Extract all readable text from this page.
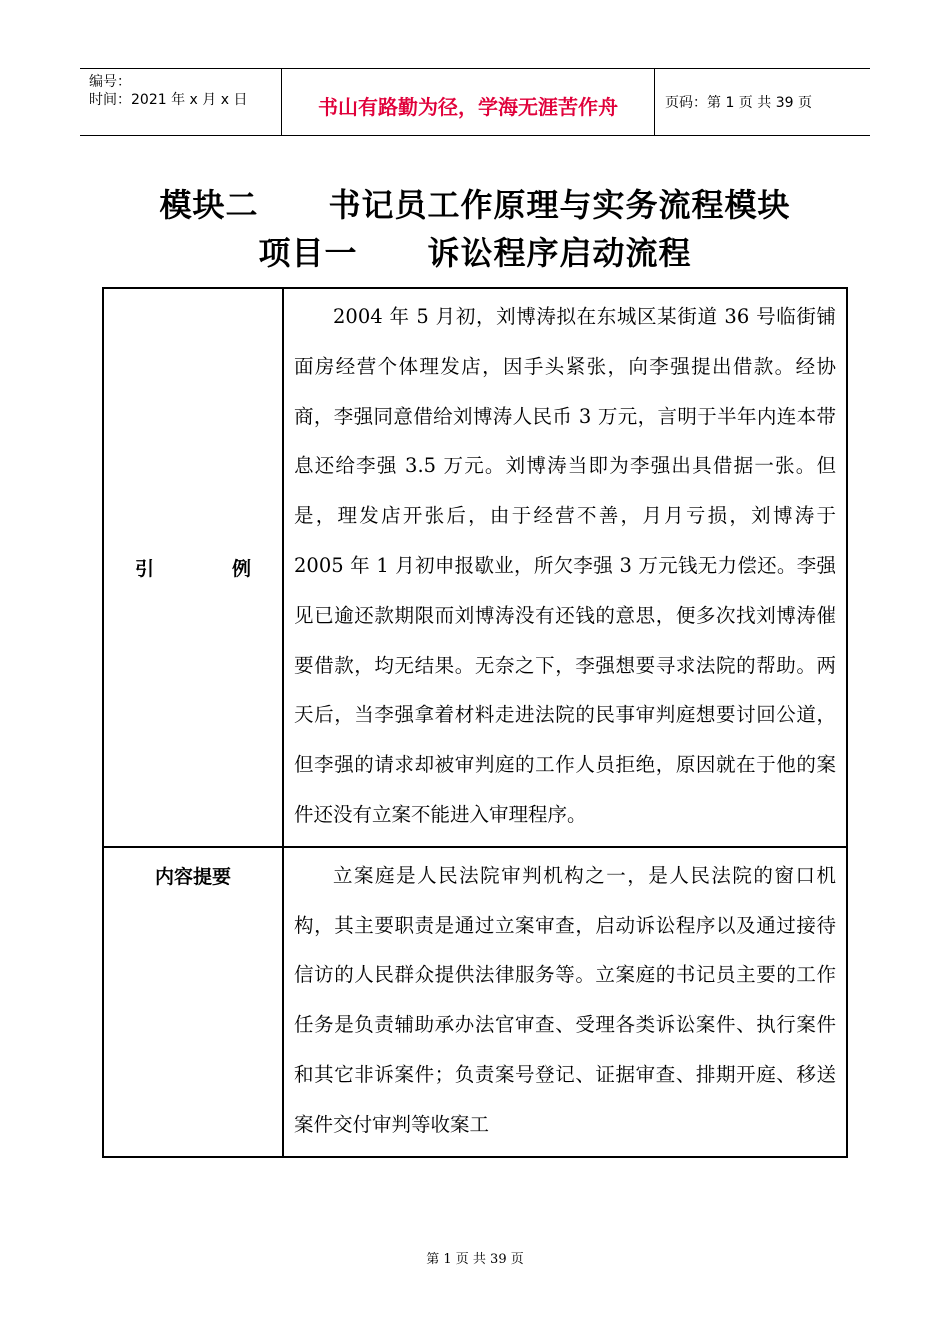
编号：
时间：2021 年 x 月 x 日	书山有路勤为径，学海无涯苦作舟	页码：第 1 页 共 39 页
模块二 书记员工作原理与实务流程模块
项目一 诉讼程序启动流程
引 例	2004 年 5 月初，刘博涛拟在东城区某街道 36 号临街铺面房经营个体理发店，因手头紧张，向李强提出借款。经协商，李强同意借给刘博涛人民币 3 万元，言明于半年内连本带息还给李强 3.5 万元。刘博涛当即为李强出具借据一张。但是，理发店开张后，由于经营不善，月月亏损，刘博涛于 2005 年 1 月初申报歇业，所欠李强 3 万元钱无力偿还。李强见已逾还款期限而刘博涛没有还钱的意思，便多次找刘博涛催要借款，均无结果。无奈之下，李强想要寻求法院的帮助。两天后，当李强拿着材料走进法院的民事审判庭想要讨回公道，但李强的请求却被审判庭的工作人员拒绝，原因就在于他的案件还没有立案不能进入审理程序。

内容提要	立案庭是人民法院审判机构之一，是人民法院的窗口机构，其主要职责是通过立案审查，启动诉讼程序以及通过接待信访的人民群众提供法律服务等。立案庭的书记员主要的工作任务是负责辅助承办法官审查、受理各类诉讼案件、执行案件和其它非诉案件；负责案号登记、证据审查、排期开庭、移送案件交付审判等收案工

第 1 页 共 39 页
